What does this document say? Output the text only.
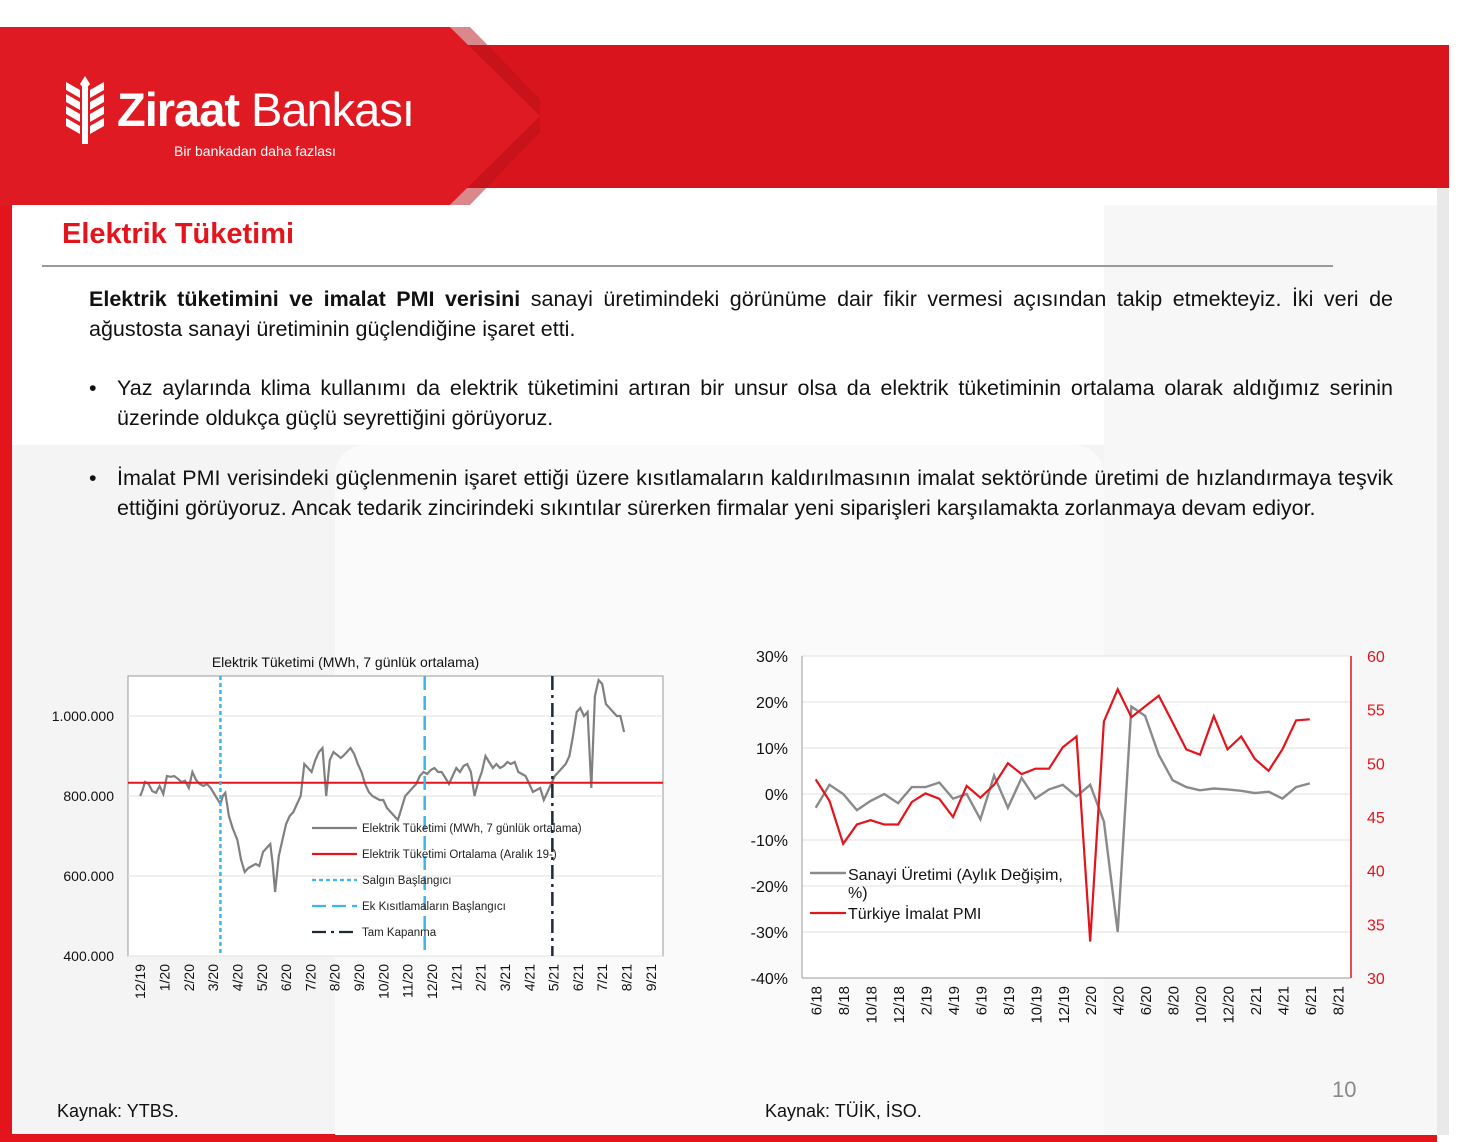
Ziraat Bankası
Bir bankadan daha fazlası
Elektrik Tüketimi
Elektrik tüketimini ve imalat PMI verisini sanayi üretimindeki görünüme dair fikir vermesi açısından takip etmekteyiz. İki veri de ağustosta sanayi üretiminin güçlendiğine işaret etti.
• Yaz aylarında klima kullanımı da elektrik tüketimini artıran bir unsur olsa da elektrik tüketiminin ortalama olarak aldığımız serinin üzerinde oldukça güçlü seyrettiğini görüyoruz.
• İmalat PMI verisindeki güçlenmenin işaret ettiği üzere kısıtlamaların kaldırılmasının imalat sektöründe üretimi de hızlandırmaya teşvik ettiğini görüyoruz. Ancak tedarik zincirindeki sıkıntılar sürerken firmalar yeni siparişleri karşılamakta zorlanmaya devam ediyor.
Elektrik Tüketimi (MWh, 7 günlük ortalama)
400.000
600.000
800.000
1.000.000
12/19 1/20 2/20 3/20 4/20 5/20 6/20 7/20 8/20 9/20 10/20 11/20 12/20 1/21 2/21 3/21 4/21 5/21 6/21 7/21 8/21 9/21
Elektrik Tüketimi (MWh, 7 günlük ortalama)
Elektrik Tüketimi Ortalama (Aralık 19-)
Salgın Başlangıcı
Ek Kısıtlamaların Başlangıcı
Tam Kapanma
-40%
-30%
-20%
-10%
0%
10%
20%
30%
30
35
40
45
50
55
60
6/18 8/18 10/18 12/18 2/19 4/19 6/19 8/19 10/19 12/19 2/20 4/20 6/20 8/20 10/20 12/20 2/21 4/21 6/21 8/21
Sanayi Üretimi (Aylık Değişim, %)
Türkiye İmalat PMI
Kaynak: YTBS.	Kaynak: TÜİK, İSO.
10
